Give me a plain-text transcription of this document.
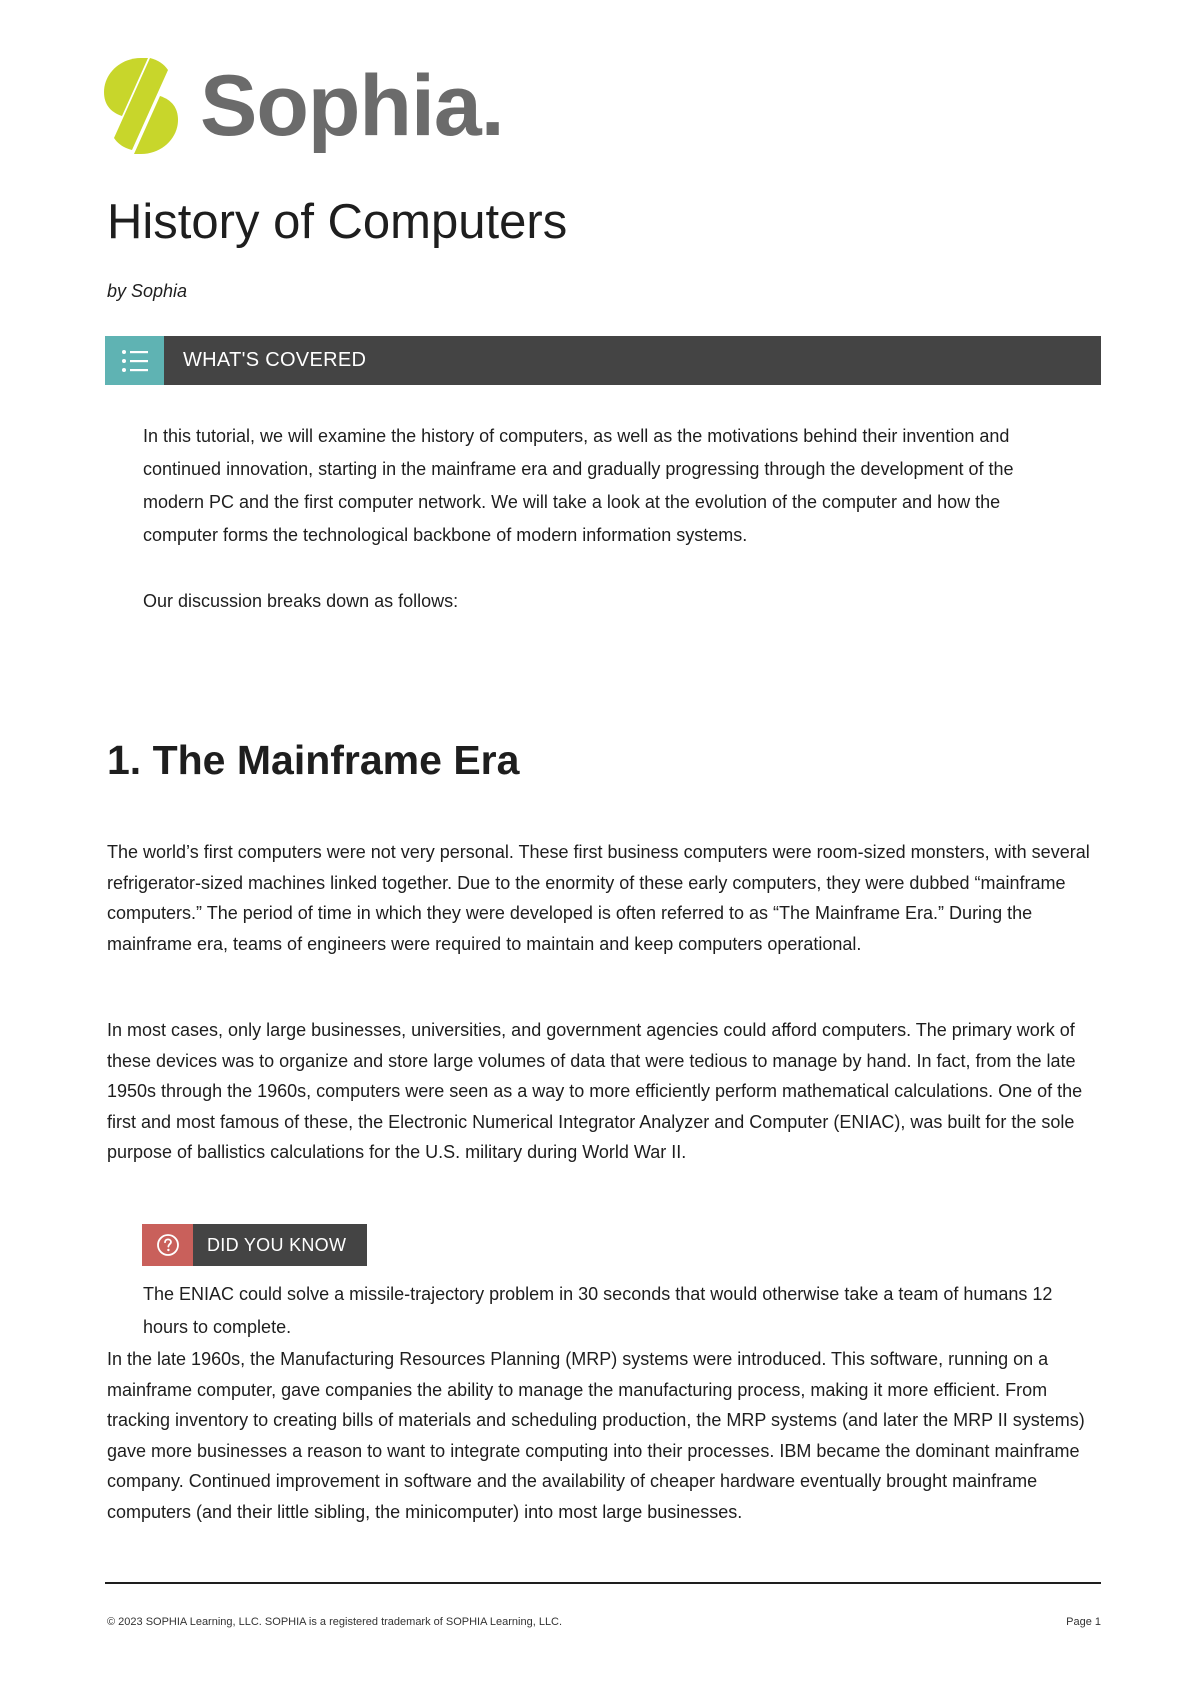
Sophia.
History of Computers
by Sophia
WHAT'S COVERED

In this tutorial, we will examine the history of computers, as well as the motivations behind their invention and continued innovation, starting in the mainframe era and gradually progressing through the development of the modern PC and the first computer network. We will take a look at the evolution of the computer and how the computer forms the technological backbone of modern information systems.

Our discussion breaks down as follows:

1. The Mainframe Era

The world’s first computers were not very personal. These first business computers were room-sized monsters, with several refrigerator-sized machines linked together. Due to the enormity of these early computers, they were dubbed “mainframe computers.” The period of time in which they were developed is often referred to as “The Mainframe Era.” During the mainframe era, teams of engineers were required to maintain and keep computers operational.

In most cases, only large businesses, universities, and government agencies could afford computers. The primary work of these devices was to organize and store large volumes of data that were tedious to manage by hand. In fact, from the late 1950s through the 1960s, computers were seen as a way to more efficiently perform mathematical calculations. One of the first and most famous of these, the Electronic Numerical Integrator Analyzer and Computer (ENIAC), was built for the sole purpose of ballistics calculations for the U.S. military during World War II.

DID YOU KNOW

The ENIAC could solve a missile-trajectory problem in 30 seconds that would otherwise take a team of humans 12 hours to complete.

In the late 1960s, the Manufacturing Resources Planning (MRP) systems were introduced. This software, running on a mainframe computer, gave companies the ability to manage the manufacturing process, making it more efficient. From tracking inventory to creating bills of materials and scheduling production, the MRP systems (and later the MRP II systems) gave more businesses a reason to want to integrate computing into their processes. IBM became the dominant mainframe company. Continued improvement in software and the availability of cheaper hardware eventually brought mainframe computers (and their little sibling, the minicomputer) into most large businesses.

© 2023 SOPHIA Learning, LLC. SOPHIA is a registered trademark of SOPHIA Learning, LLC.	Page 1
